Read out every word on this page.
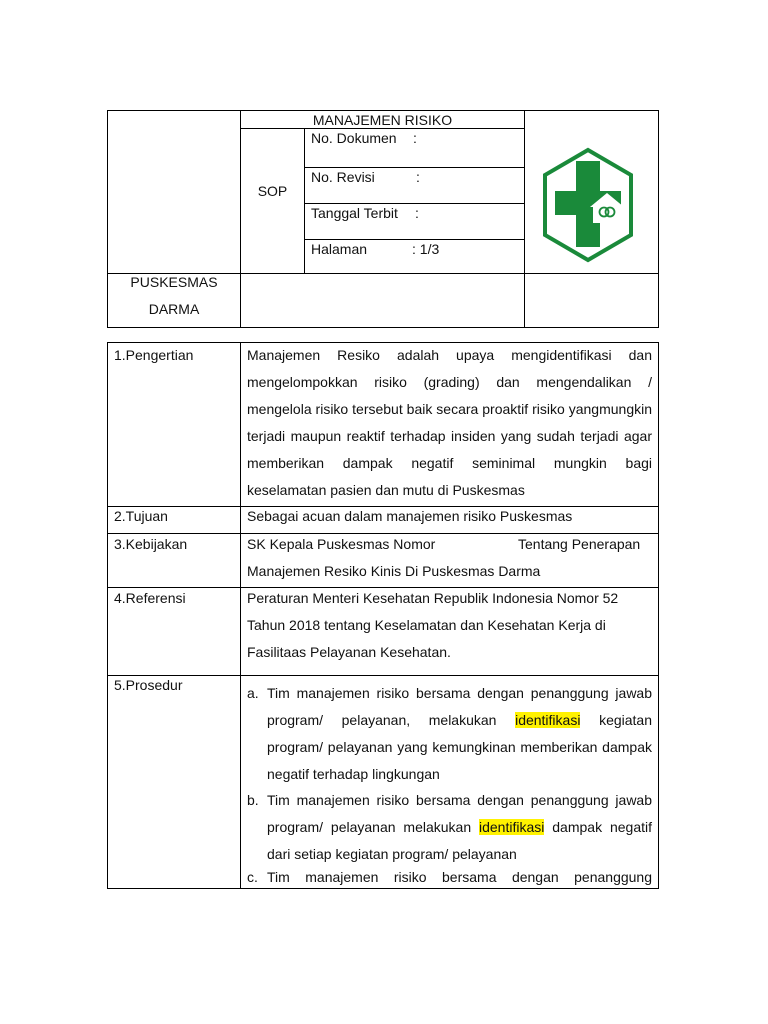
MANAJEMEN RISIKO
SOP
No. Dokumen :
No. Revisi	:
Tanggal Terbit :
Halaman	: 1/3
PUSKESMAS
DARMA
1.Pengertian	Manajemen Resiko adalah upaya mengidentifikasi dan mengelompokkan risiko (grading) dan mengendalikan / mengelola risiko tersebut baik secara proaktif risiko yangmungkin terjadi maupun reaktif terhadap insiden yang sudah terjadi agar memberikan dampak negatif seminimal mungkin bagi keselamatan pasien dan mutu di Puskesmas
2.Tujuan	Sebagai acuan dalam manajemen risiko Puskesmas
3.Kebijakan	SK Kepala Puskesmas Nomor	Tentang Penerapan
Manajemen Resiko Kinis Di Puskesmas Darma
4.Referensi	Peraturan Menteri Kesehatan Republik Indonesia Nomor 52 Tahun 2018 tentang Keselamatan dan Kesehatan Kerja di Fasilitaas Pelayanan Kesehatan.
5.Prosedur	a. Tim manajemen risiko bersama dengan penanggung jawab program/ pelayanan, melakukan identifikasi kegiatan program/ pelayanan yang kemungkinan memberikan dampak negatif terhadap lingkungan
b. Tim manajemen risiko bersama dengan penanggung jawab program/ pelayanan melakukan identifikasi dampak negatif dari setiap kegiatan program/ pelayanan
c. Tim manajemen risiko bersama dengan penanggung
